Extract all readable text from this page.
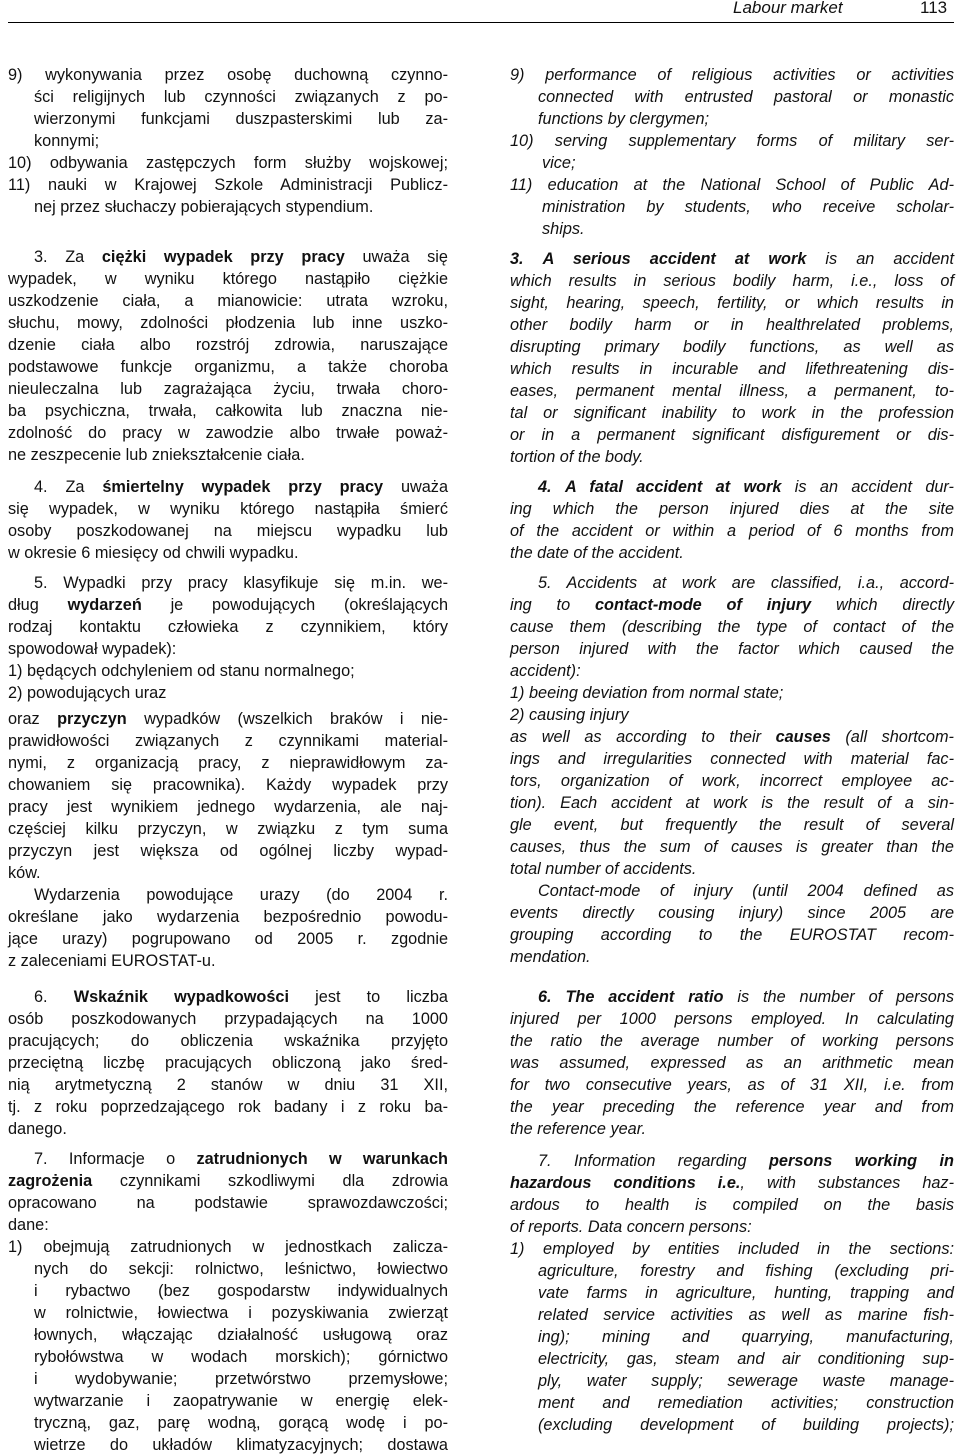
Labour market	113
9) wykonywania przez osobę duchowną czynno-
ści religijnych lub czynności związanych z po-
wierzonymi funkcjami duszpasterskimi lub za-
konnymi;
10) odbywania zastępczych form służby wojskowej;
11) nauki w Krajowej Szkole Administracji Publicz-
nej przez słuchaczy pobierających stypendium.
3. Za ciężki wypadek przy pracy uważa się
wypadek, w wyniku którego nastąpiło ciężkie
uszkodzenie ciała, a mianowicie: utrata wzroku,
słuchu, mowy, zdolności płodzenia lub inne uszko-
dzenie ciała albo rozstrój zdrowia, naruszające
podstawowe funkcje organizmu, a także choroba
nieuleczalna lub zagrażająca życiu, trwała choro-
ba psychiczna, trwała, całkowita lub znaczna nie-
zdolność do pracy w zawodzie albo trwałe poważ-
ne zeszpecenie lub zniekształcenie ciała.
4. Za śmiertelny wypadek przy pracy uważa
się wypadek, w wyniku którego nastąpiła śmierć
osoby poszkodowanej na miejscu wypadku lub
w okresie 6 miesięcy od chwili wypadku.
5. Wypadki przy pracy klasyfikuje się m.in. we-
dług wydarzeń je powodujących (określających
rodzaj kontaktu człowieka z czynnikiem, który
spowodował wypadek):
1) będących odchyleniem od stanu normalnego;
2) powodujących uraz
oraz przyczyn wypadków (wszelkich braków i nie-
prawidłowości związanych z czynnikami material-
nymi, z organizacją pracy, z nieprawidłowym za-
chowaniem się pracownika). Każdy wypadek przy
pracy jest wynikiem jednego wydarzenia, ale naj-
częściej kilku przyczyn, w związku z tym suma
przyczyn jest większa od ogólnej liczby wypad-
ków.
Wydarzenia powodujące urazy (do 2004 r.
określane jako wydarzenia bezpośrednio powodu-
jące urazy) pogrupowano od 2005 r. zgodnie
z zaleceniami EUROSTAT-u.
6. Wskaźnik wypadkowości jest to liczba
osób poszkodowanych przypadających na 1000
pracujących; do obliczenia wskaźnika przyjęto
przeciętną liczbę pracujących obliczoną jako śred-
nią arytmetyczną 2 stanów w dniu 31 XII,
tj. z roku poprzedzającego rok badany i z roku ba-
danego.
7. Informacje o zatrudnionych w warunkach
zagrożenia czynnikami szkodliwymi dla zdrowia
opracowano na podstawie sprawozdawczości;
dane:
1) obejmują zatrudnionych w jednostkach zalicza-
nych do sekcji: rolnictwo, leśnictwo, łowiectwo
i rybactwo (bez gospodarstw indywidualnych
w rolnictwie, łowiectwa i pozyskiwania zwierząt
łownych, włączając działalność usługową oraz
rybołówstwa w wodach morskich); górnictwo
i wydobywanie; przetwórstwo przemysłowe;
wytwarzanie i zaopatrywanie w energię elek-
tryczną, gaz, parę wodną, gorącą wodę i po-
wietrze do układów klimatyzacyjnych; dostawa
9) performance of religious activities or activities
connected with entrusted pastoral or monastic
functions by clergymen;
10) serving supplementary forms of military ser-
vice;
11) education at the National School of Public Ad-
ministration by students, who receive scholar-
ships.
3. A serious accident at work is an accident
which results in serious bodily harm, i.e., loss of
sight, hearing, speech, fertility, or which results in
other bodily harm or in healthrelated problems,
disrupting primary bodily functions, as well as
which results in incurable and lifethreatening dis-
eases, permanent mental illness, a permanent, to-
tal or significant inability to work in the profession
or in a permanent significant disfigurement or dis-
tortion of the body.
4. A fatal accident at work is an accident dur-
ing which the person injured dies at the site
of the accident or within a period of 6 months from
the date of the accident.
5. Accidents at work are classified, i.a., accord-
ing to contact-mode of injury which directly
cause them (describing the type of contact of the
person injured with the factor which caused the
accident):
1) beeing deviation from normal state;
2) causing injury
as well as according to their causes (all shortcom-
ings and irregularities connected with material fac-
tors, organization of work, incorrect employee ac-
tion). Each accident at work is the result of a sin-
gle event, but frequently the result of several
causes, thus the sum of causes is greater than the
total number of accidents.
Contact-mode of injury (until 2004 defined as
events directly cousing injury) since 2005 are
grouping according to the EUROSTAT recom-
mendation.
6. The accident ratio is the number of persons
injured per 1000 persons employed. In calculating
the ratio the average number of working persons
was assumed, expressed as an arithmetic mean
for two consecutive years, as of 31 XII, i.e. from
the year preceding the reference year and from
the reference year.
7. Information regarding persons working in
hazardous conditions i.e., with substances haz-
ardous to health is compiled on the basis
of reports. Data concern persons:
1) employed by entities included in the sections:
agriculture, forestry and fishing (excluding pri-
vate farms in agriculture, hunting, trapping and
related service activities as well as marine fish-
ing); mining and quarrying, manufacturing,
electricity, gas, steam and air conditioning sup-
ply, water supply; sewerage waste manage-
ment and remediation activities; construction
(excluding development of building projects);
